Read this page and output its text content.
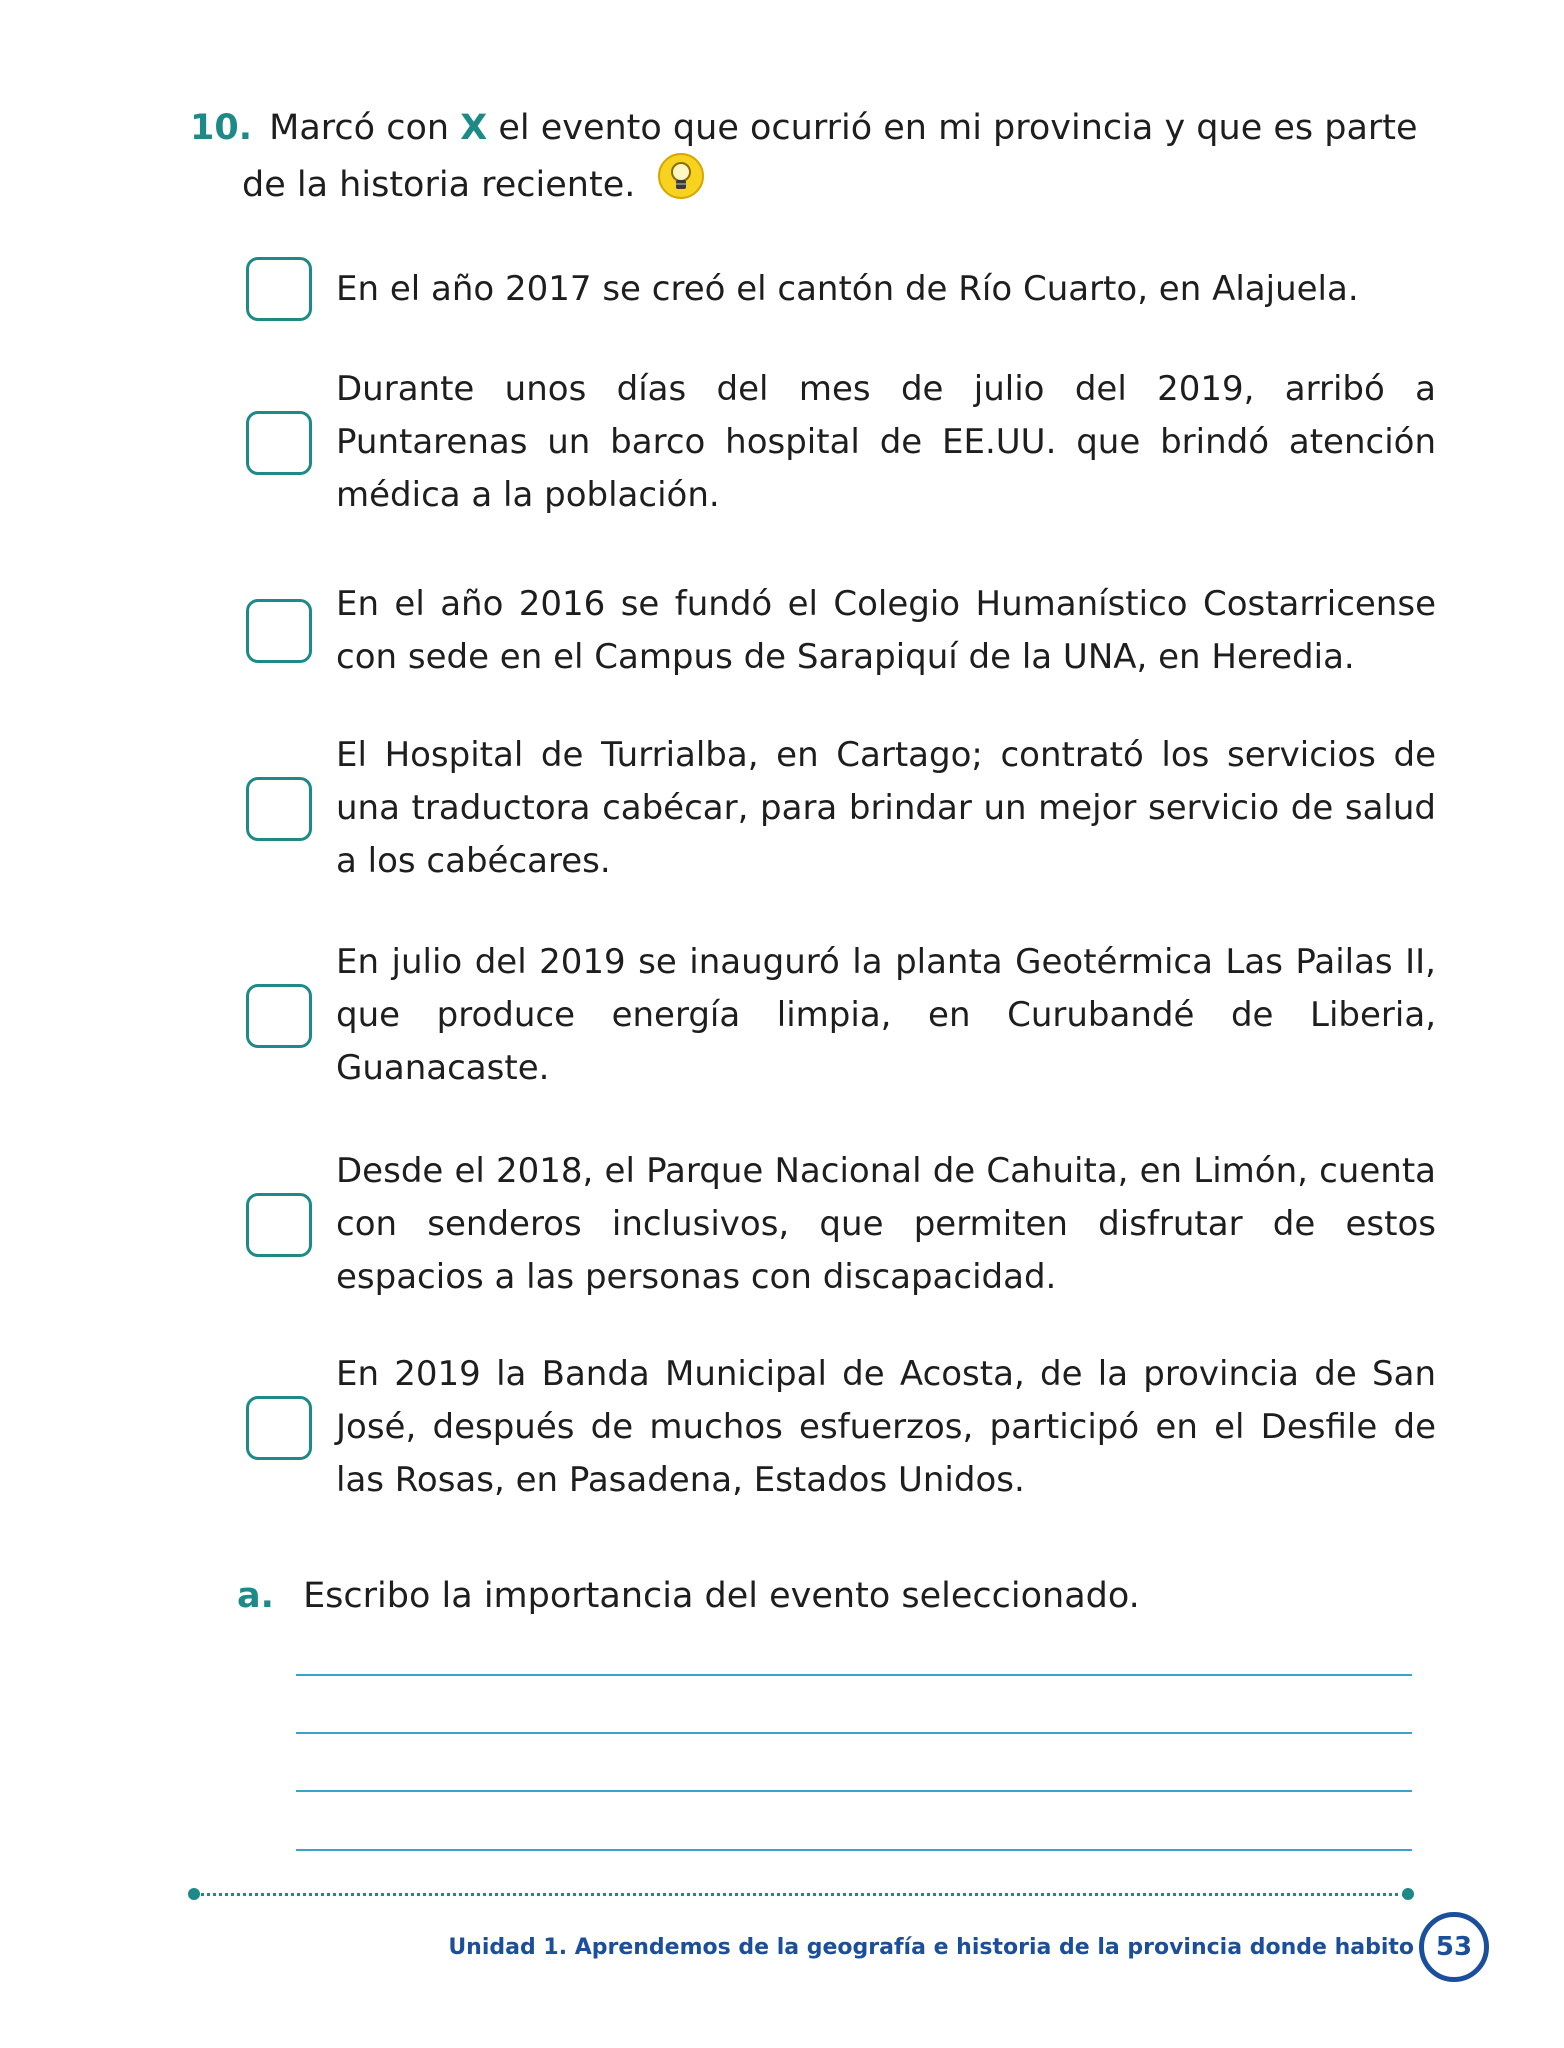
10. Marcó con X el evento que ocurrió en mi provincia y que es parte
de la historia reciente.
En el año 2017 se creó el cantón de Río Cuarto, en Alajuela.
Durante unos días del mes de julio del 2019, arribó a Puntarenas un barco hospital de EE.UU. que brindó atención médica a la población.
En el año 2016 se fundó el Colegio Humanístico Costarricense con sede en el Campus de Sarapiquí de la UNA, en Heredia.
El Hospital de Turrialba, en Cartago; contrató los servicios de una traductora cabécar, para brindar un mejor servicio de salud a los cabécares.
En julio del 2019 se inauguró la planta Geotérmica Las Pailas II, que produce energía limpia, en Curubandé de Liberia, Guanacaste.
Desde el 2018, el Parque Nacional de Cahuita, en Limón, cuenta con senderos inclusivos, que permiten disfrutar de estos espacios a las personas con discapacidad.
En 2019 la Banda Municipal de Acosta, de la provincia de San José, después de muchos esfuerzos, participó en el Desfile de las Rosas, en Pasadena, Estados Unidos.
a. Escribo la importancia del evento seleccionado.
Unidad 1. Aprendemos de la geografía e historia de la provincia donde habito 53
